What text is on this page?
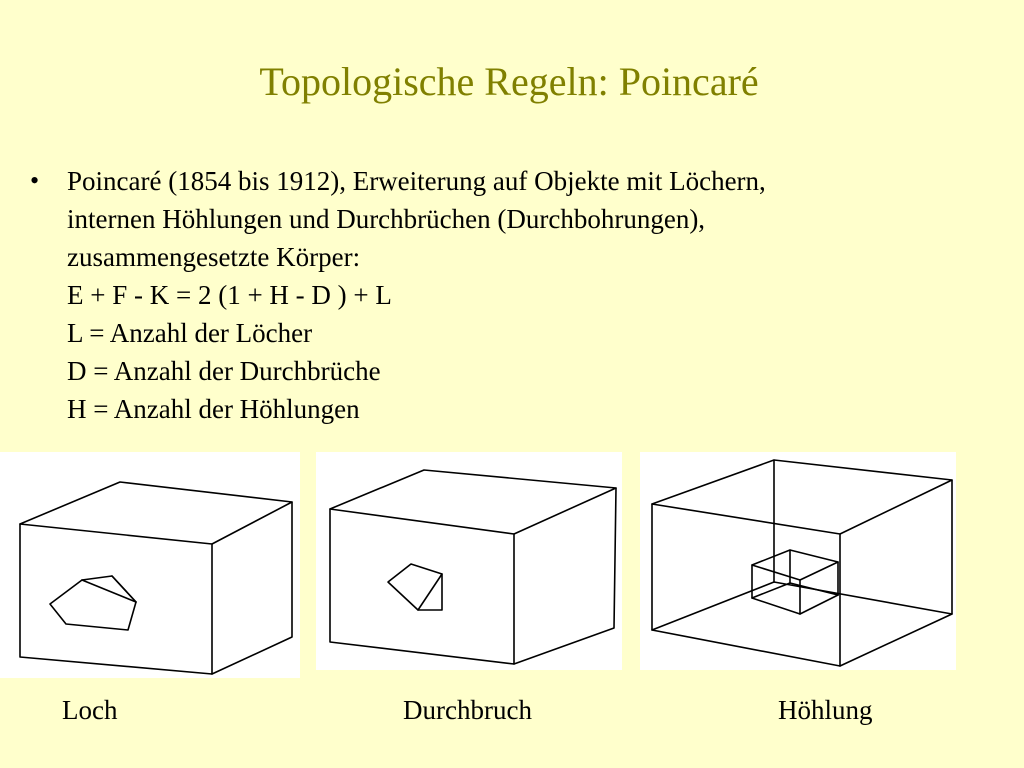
Topologische Regeln: Poincaré
• Poincaré (1854 bis 1912), Erweiterung auf Objekte mit Löchern,
internen Höhlungen und Durchbrüchen (Durchbohrungen),
zusammengesetzte Körper:
E + F - K = 2 (1 + H - D ) + L
L = Anzahl der Löcher
D = Anzahl der Durchbrüche
H = Anzahl der Höhlungen
Loch	Durchbruch	Höhlung
